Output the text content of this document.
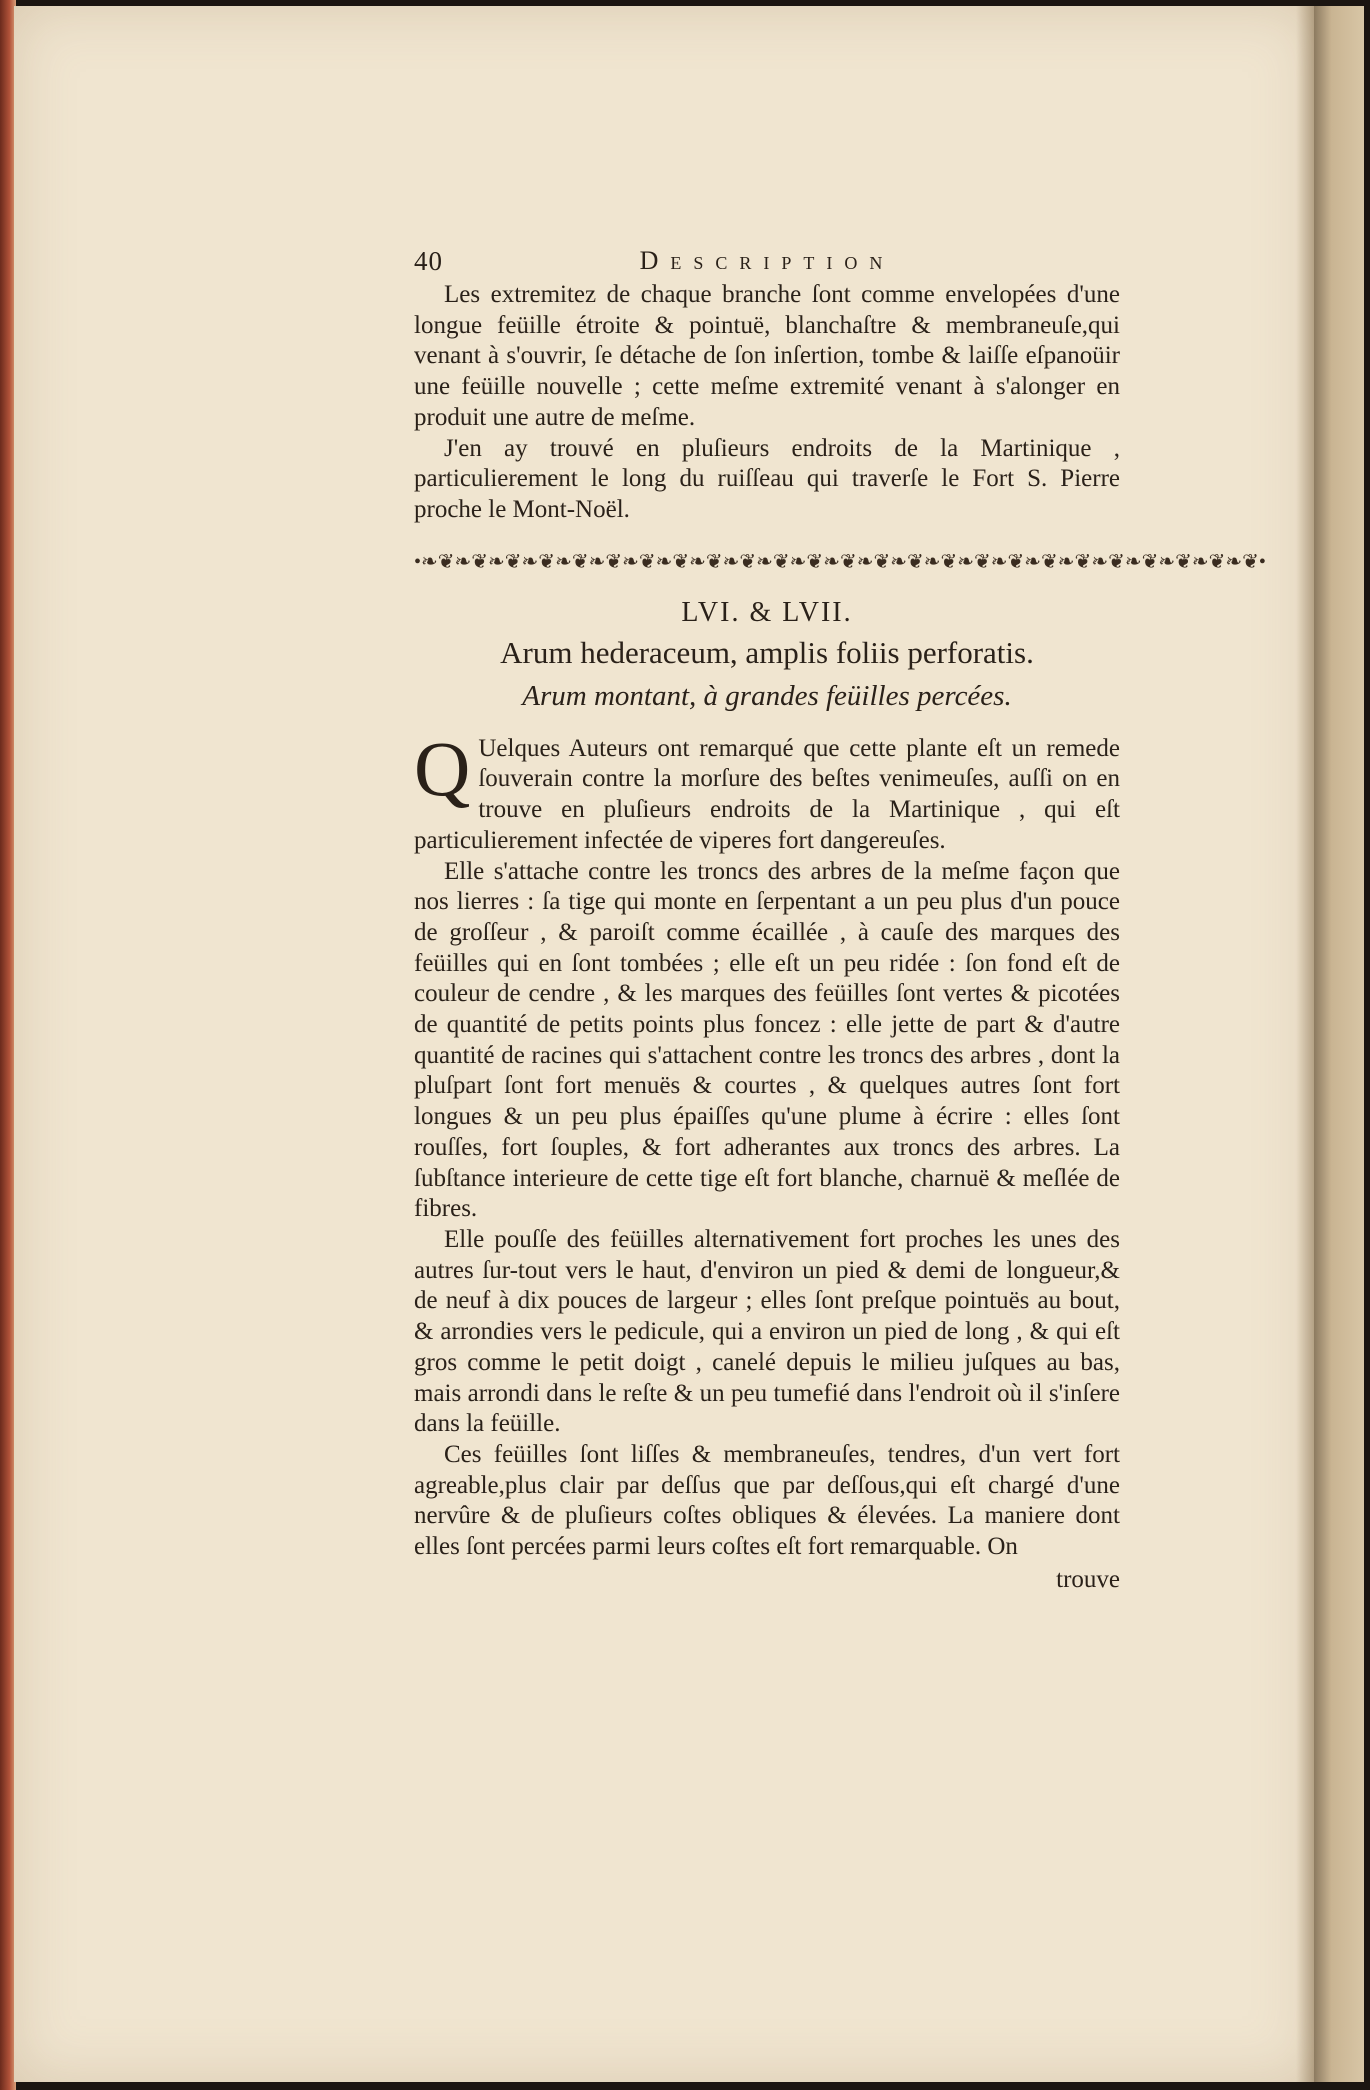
40	Description

Les extremitez de chaque branche ſont comme envelopées d'une longue feüille étroite & pointuë, blanchaſtre & membraneuſe,qui venant à s'ouvrir, ſe détache de ſon inſertion, tombe & laiſſe eſpanoüir une feüille nouvelle ; cette meſme extremité venant à s'alonger en produit une autre de meſme.

J'en ay trouvé en pluſieurs endroits de la Martinique , particulierement le long du ruiſſeau qui traverſe le Fort S. Pierre proche le Mont-Noël.

•❧❦❧❦❧❦❧❦❧❦❧❦❧❦❧❦❧❦❧❦❧❦❧❦❧❦❧❦❧❦❧❦❧❦❧❦❧❦❧❦❧❦❧❦❧❦❧❦❧❦•
LVI. & LVII.
Arum hederaceum, amplis foliis perforatis.
Arum montant, à grandes feüilles percées.

Q Uelques Auteurs ont remarqué que cette plante eſt un remede ſouverain contre la morſure des beſtes venimeuſes, auſſi on en trouve en pluſieurs endroits de la Martinique , qui eſt particulierement infectée de viperes fort dangereuſes.

Elle s'attache contre les troncs des arbres de la meſme façon que nos lierres : ſa tige qui monte en ſerpentant a un peu plus d'un pouce de groſſeur , & paroiſt comme écaillée , à cauſe des marques des feüilles qui en ſont tombées ; elle eſt un peu ridée : ſon fond eſt de couleur de cendre , & les marques des feüilles ſont vertes & picotées de quantité de petits points plus foncez : elle jette de part & d'autre quantité de racines qui s'attachent contre les troncs des arbres , dont la pluſpart ſont fort menuës & courtes , & quelques autres ſont fort longues & un peu plus épaiſſes qu'une plume à écrire : elles ſont rouſſes, fort ſouples, & fort adherantes aux troncs des arbres. La ſubſtance interieure de cette tige eſt fort blanche, charnuë & meſlée de fibres.

Elle pouſſe des feüilles alternativement fort proches les unes des autres ſur-tout vers le haut, d'environ un pied & demi de longueur,& de neuf à dix pouces de largeur ; elles ſont preſque pointuës au bout, & arrondies vers le pedicule, qui a environ un pied de long , & qui eſt gros comme le petit doigt , canelé depuis le milieu juſques au bas, mais arrondi dans le reſte & un peu tumefié dans l'endroit où il s'inſere dans la feüille.

Ces feüilles ſont liſſes & membraneuſes, tendres, d'un vert fort agreable,plus clair par deſſus que par deſſous,qui eſt chargé d'une nervûre & de pluſieurs coſtes obliques & élevées. La maniere dont elles ſont percées parmi leurs coſtes eſt fort remarquable. On

trouve
